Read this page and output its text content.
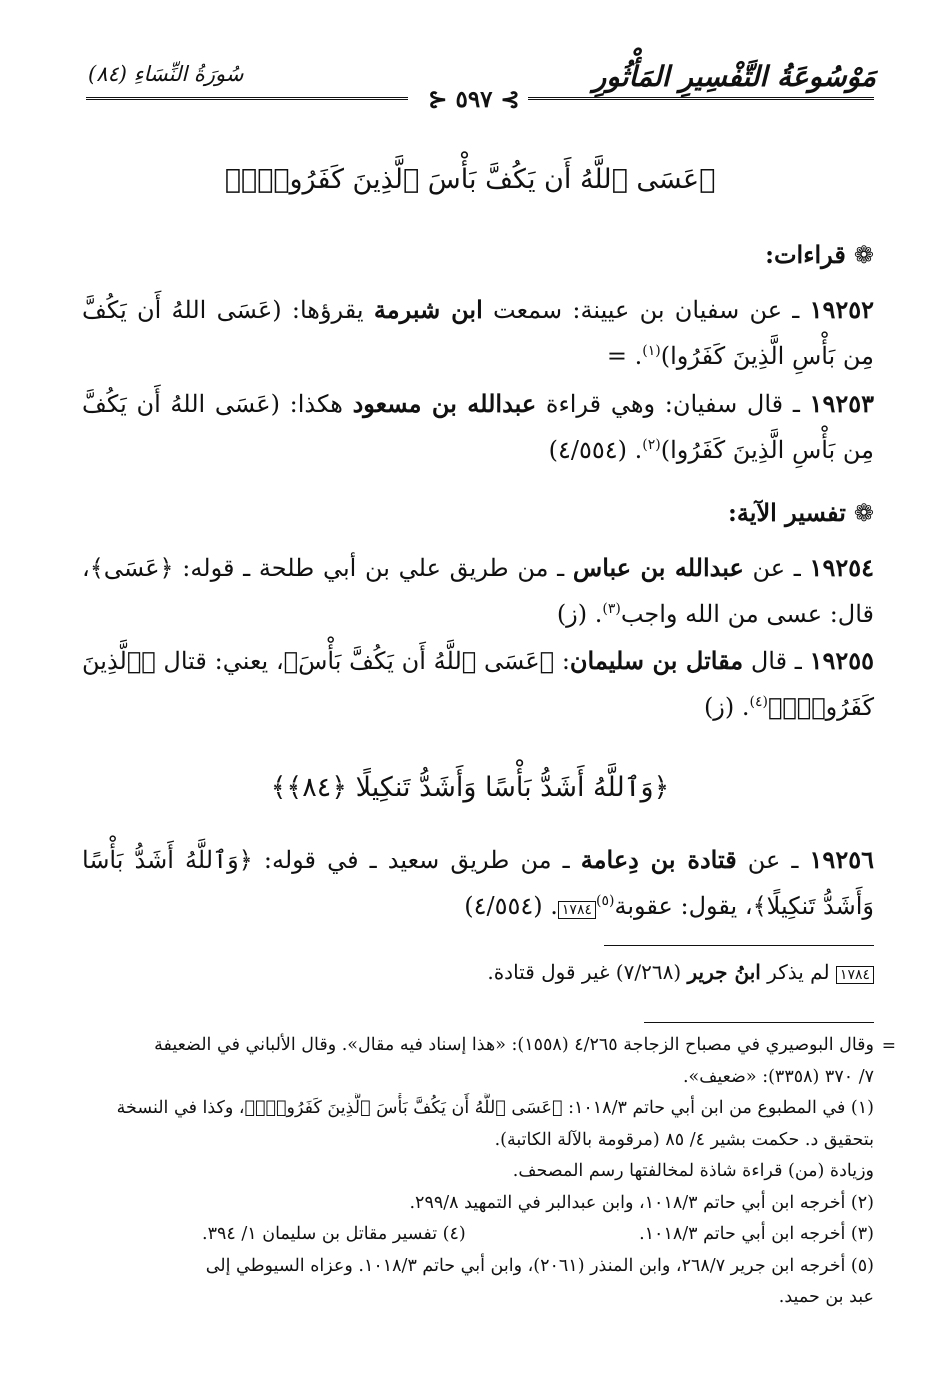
مَوْسُوعَةُ التَّفْسِيرِ المَأْثُورِ
سُورَةُ النِّسَاءِ (٨٤)
⊱ ٥٩٧ ⊰
﴿عَسَى ٱللَّهُ أَن يَكُفَّ بَأْسَ ٱلَّذِينَ كَفَرُوا۟ۚ﴾
❁قراءات:
١٩٢٥٢ ـ عن سفيان بن عيينة: سمعت ابن شبرمة يقرؤها: (عَسَى اللهُ أَن يَكُفَّ مِن بَأْسِ الَّذِينَ كَفَرُوا)$^{(١)}$. =
١٩٢٥٣ ـ قال سفيان: وهي قراءة عبدالله بن مسعود هكذا: (عَسَى اللهُ أَن يَكُفَّ مِن بَأْسِ الَّذِينَ كَفَرُوا)$^{(٢)}$. (٤/٥٥٤)
❁تفسير الآية:
١٩٢٥٤ ـ عن عبدالله بن عباس ـ من طريق علي بن أبي طلحة ـ قوله: ﴿عَسَى﴾، قال: عسى من الله واجب$^{(٣)}$. (ز)
١٩٢٥٥ ـ قال مقاتل بن سليمان: ﴿عَسَى ٱللَّهُ أَن يَكُفَّ بَأْسَ﴾، يعني: قتال ﴿ٱلَّذِينَ كَفَرُوا۟ۚ﴾$^{(٤)}$. (ز)
﴿وَٱللَّهُ أَشَدُّ بَأْسًا وَأَشَدُّ تَنكِيلًا ﴿٨٤﴾﴾
١٩٢٥٦ ـ عن قتادة بن دِعامة ـ من طريق سعيد ـ في قوله: ﴿وَٱللَّهُ أَشَدُّ بَأْسًا وَأَشَدُّ تَنكِيلًا﴾، يقول: عقوبة$^{(٥)}$١٧٨٤. (٤/٥٥٤)
١٧٨٤ لم يذكر ابنُ جرير (٧/٢٦٨) غير قول قتادة.
=
وقال البوصيري في مصباح الزجاجة ٤/٢٦٥ (١٥٥٨): «هذا إسناد فيه مقال». وقال الألباني في الضعيفة
٧/ ٣٧٠ (٣٣٥٨): «ضعيف».
(١) في المطبوع من ابن أبي حاتم ١٠١٨/٣: ﴿عَسَى ٱللَّهُ أَن يَكُفَّ بَأْسَ ٱلَّذِينَ كَفَرُوا۟ۚ﴾، وكذا في النسخة
بتحقيق د. حكمت بشير ٤/ ٨٥ (مرقومة بالآلة الكاتبة).
وزيادة (من) قراءة شاذة لمخالفتها رسم المصحف.
(٢) أخرجه ابن أبي حاتم ١٠١٨/٣، وابن عبدالبر في التمهيد ٢٩٩/٨.
(٣) أخرجه ابن أبي حاتم ١٠١٨/٣.
(٤) تفسير مقاتل بن سليمان ١/ ٣٩٤.
(٥) أخرجه ابن جرير ٢٦٨/٧، وابن المنذر (٢٠٦١)، وابن أبي حاتم ١٠١٨/٣. وعزاه السيوطي إلى
عبد بن حميد.
